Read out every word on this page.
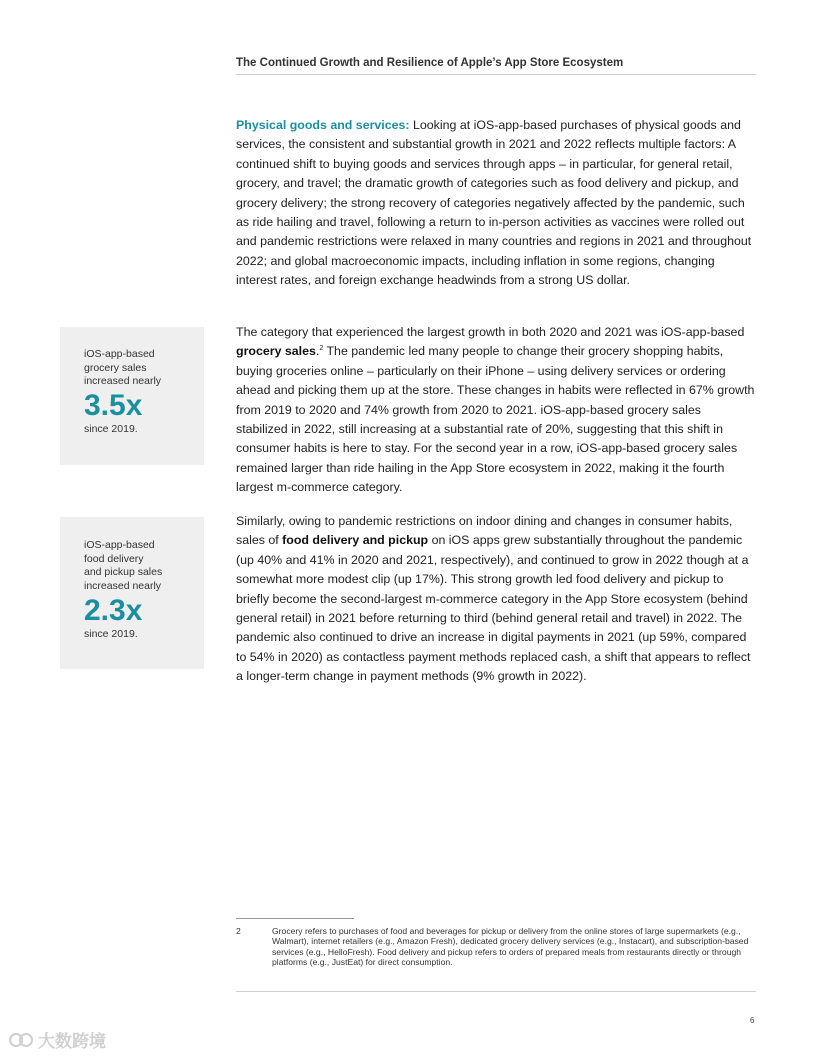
The Continued Growth and Resilience of Apple’s App Store Ecosystem
Physical goods and services: Looking at iOS-app-based purchases of physical goods and services, the consistent and substantial growth in 2021 and 2022 reflects multiple factors: A continued shift to buying goods and services through apps – in particular, for general retail, grocery, and travel; the dramatic growth of categories such as food delivery and pickup, and grocery delivery; the strong recovery of categories negatively affected by the pandemic, such as ride hailing and travel, following a return to in-person activities as vaccines were rolled out and pandemic restrictions were relaxed in many countries and regions in 2021 and throughout 2022; and global macroeconomic impacts, including inflation in some regions, changing interest rates, and foreign exchange headwinds from a strong US dollar.
The category that experienced the largest growth in both 2020 and 2021 was iOS-app-based grocery sales.$^2$ The pandemic led many people to change their grocery shopping habits, buying groceries online – particularly on their iPhone – using delivery services or ordering ahead and picking them up at the store. These changes in habits were reflected in 67% growth from 2019 to 2020 and 74% growth from 2020 to 2021. iOS-app-based grocery sales stabilized in 2022, still increasing at a substantial rate of 20%, suggesting that this shift in consumer habits is here to stay. For the second year in a row, iOS-app-based grocery sales remained larger than ride hailing in the App Store ecosystem in 2022, making it the fourth largest m-commerce category.
Similarly, owing to pandemic restrictions on indoor dining and changes in consumer habits, sales of food delivery and pickup on iOS apps grew substantially throughout the pandemic (up 40% and 41% in 2020 and 2021, respectively), and continued to grow in 2022 though at a somewhat more modest clip (up 17%). This strong growth led food delivery and pickup to briefly become the second-largest m-commerce category in the App Store ecosystem (behind general retail) in 2021 before returning to third (behind general retail and travel) in 2022. The pandemic also continued to drive an increase in digital payments in 2021 (up 59%, compared to 54% in 2020) as contactless payment methods replaced cash, a shift that appears to reflect a longer-term change in payment methods (9% growth in 2022).
iOS-app-based
grocery sales
increased nearly
3.5x
since 2019.
iOS-app-based
food delivery
and pickup sales
increased nearly
2.3x
since 2019.
2	Grocery refers to purchases of food and beverages for pickup or delivery from the online stores of large supermarkets (e.g., Walmart), internet retailers (e.g., Amazon Fresh), dedicated grocery delivery services (e.g., Instacart), and subscription-based services (e.g., HelloFresh). Food delivery and pickup refers to orders of prepared meals from restaurants directly or through platforms (e.g., JustEat) for direct consumption.
6
大数跨境
